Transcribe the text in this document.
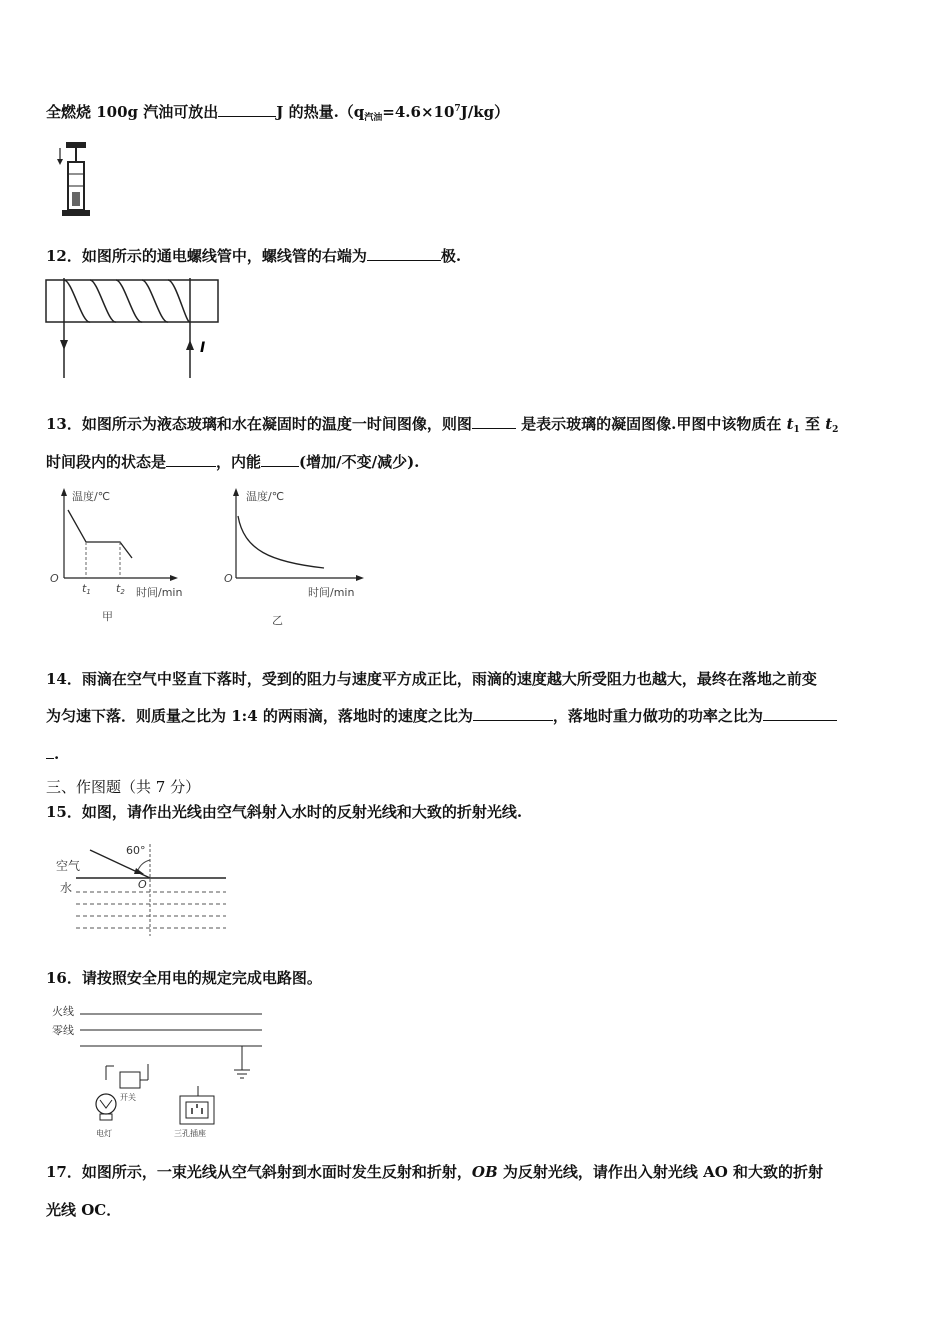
全燃烧 100g 汽油可放出	J 的热量$.(q_{汽油}=4.6\times 10^7J/kg)$
12．如图所示的通电螺线管中，螺线管的右端为	极.
I
13．如图所示为液态玻璃和水在凝固时的温度一时间图像，则图	是表示玻璃的凝固图像.甲图中该物质在 $t_1$ 至 $t_2$
时间段内的状态是	，内能	(增加/不变/减少).
温度/℃
O
t1 t2 时间/min
甲
温度/℃
O
时间/min
乙
14．雨滴在空气中竖直下落时，受到的阻力与速度平方成正比，雨滴的速度越大所受阻力也越大，最终在落地之前变
为匀速下落．则质量之比为 1:4 的两雨滴，落地时的速度之比为	，落地时重力做功的功率之比为
.
三、作图题（共 7 分）
15．如图，请作出光线由空气斜射入水时的反射光线和大致的折射光线.
空气
水
60°
O
16．请按照安全用电的规定完成电路图。
火线
零线
开关
电灯	三孔插座
17．如图所示，一束光线从空气斜射到水面时发生反射和折射，OB 为反射光线，请作出入射光线 AO 和大致的折射
光线 OC．
